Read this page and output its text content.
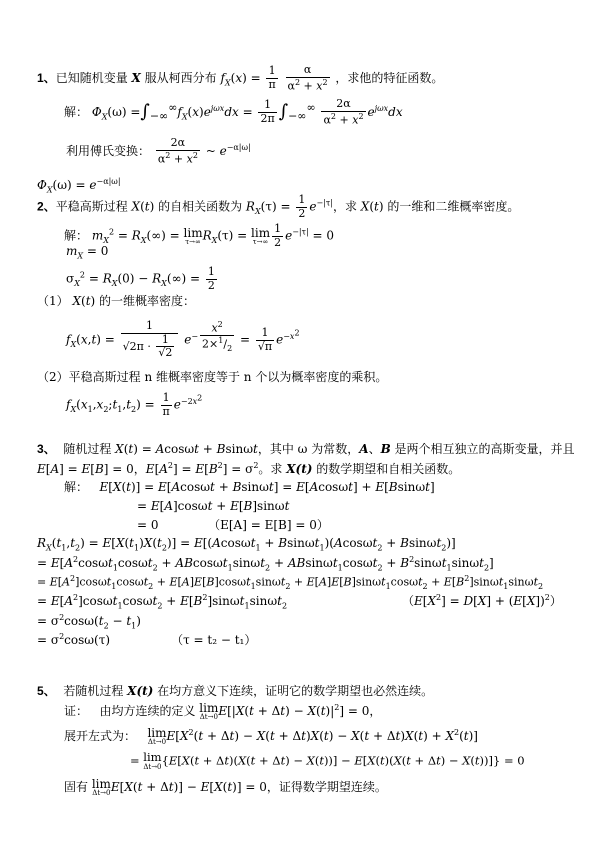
1、已知随机变量 X 服从柯西分布 $f_X(x) = \frac{1}{\pi}$
$\frac{\alpha}{\alpha^2 + x^2}$ ，求他的特征函数。
解： $\Phi_X(\omega) =\int_{-\infty}^\infty f_X(x)e^{j\omega x}dx = \frac{1}{2\pi} \int_{-\infty}^\infty \frac{2\alpha}{\alpha^2 + x^2} e^{j\omega x}dx$
利用傅氏变换： $\frac{2\alpha}{\alpha^2 + x^2}$ ~ $e^{-\alpha|\omega|}$
$\Phi_X(\omega) = e^{-\alpha|\omega|}$
2、平稳高斯过程 X(t) 的自相关函数为 $R_X(\tau) = \frac{1}{2} e^{-|\tau|}$，求 X(t) 的一维和二维概率密度。
解： $m_X^2 = R_X(\infty) = \lim$
τ→∞ $R_X(\tau) = \lim$
$\tau\to\infty \frac{1}{2} e^{-|\tau|} = 0$
$m_X = 0$
$\sigma_X^2 = R_X(0) - R_X(\infty) = \frac{1}{2}$
（1） X(t) 的一维概率密度：
$f_X(x,t) = \frac{1}{√2\pi \cdot \frac{1}{√2}} e^{- \frac{x^2}{2\times^1/_2}} = \frac{1}{√\pi} e^{-x^2}$
（2）平稳高斯过程 n 维概率密度等于 n 个以为概率密度的乘积。
$f_X(x_1,x_2;t_1,t_2) = \frac{1}{\pi} e^{-2x^2}$
3、  随机过程 X(t) = Acosωt + Bsinωt，其中 ω 为常数，A、B 是两个相互独立的高斯变量，并且
E[A] = E[B] = 0，$E[A^2] = E[B^2] = \sigma^2$。求 X(t) 的数学期望和自相关函数。
解： E[X(t)] = E[Acosωt + Bsinωt] = E[Acosωt] + E[Bsinωt]
= E[A]cosωt + E[B]sinωt
= 0             （E[A] = E[B] = 0）
$R_X(t_1,t_2) = E[X(t_1)X(t_2)] = E[(Acos\omega t_1 + Bsin\omega t_1)(Acos\omega t_2 + Bsin\omega t_2)]$
= $E[A^2\cos\omega t_1\cos\omega t_2 + ABcos\omega t_1\sin\omega t_2 + ABsin\omega t_1\cos\omega t_2 + B^2\sin\omega t_1\sin\omega t_2]$
= $E[A^2]\cos\omega t_1\cos\omega t_2 + E[A]E[B]\cos\omega t_1\sin\omega t_2 + E[A]E[B]\sin\omega t_1\cos\omega t_2 + E[B^2]\sin\omega t_1\sin\omega t_2$
= $E[A^2]\cos\omega t_1\cos\omega t_2 + E[B^2]\sin\omega t_1\sin\omega t_2$	$(E[X^2] = D[X] + (E[X])^2)$
= $\sigma^2\cos\omega(t_2 - t_1)$
= $\sigma^2\cos\omega(\tau)$                （τ = t₂ − t₁）
5、  若随机过程 X(t) 在均方意义下连续，证明它的数学期望也必然连续。
证：   由均方连续的定义 lim
Δt→0 $E[|X(t + \Delta t) - X(t)|^2] = 0$，
展开左式为： lim
Δt→0 $E[X^2(t + \Delta t) - X(t + \Delta t)X(t) - X(t + \Delta t)X(t) + X^2(t)]$
= lim
Δt→0 {E[X(t + Δt)(X(t + Δt) − X(t))] − E[X(t)(X(t + Δt) − X(t))]} = 0
固有 lim
Δt→0 E[X(t + Δt)] − E[X(t)] = 0，证得数学期望连续。
